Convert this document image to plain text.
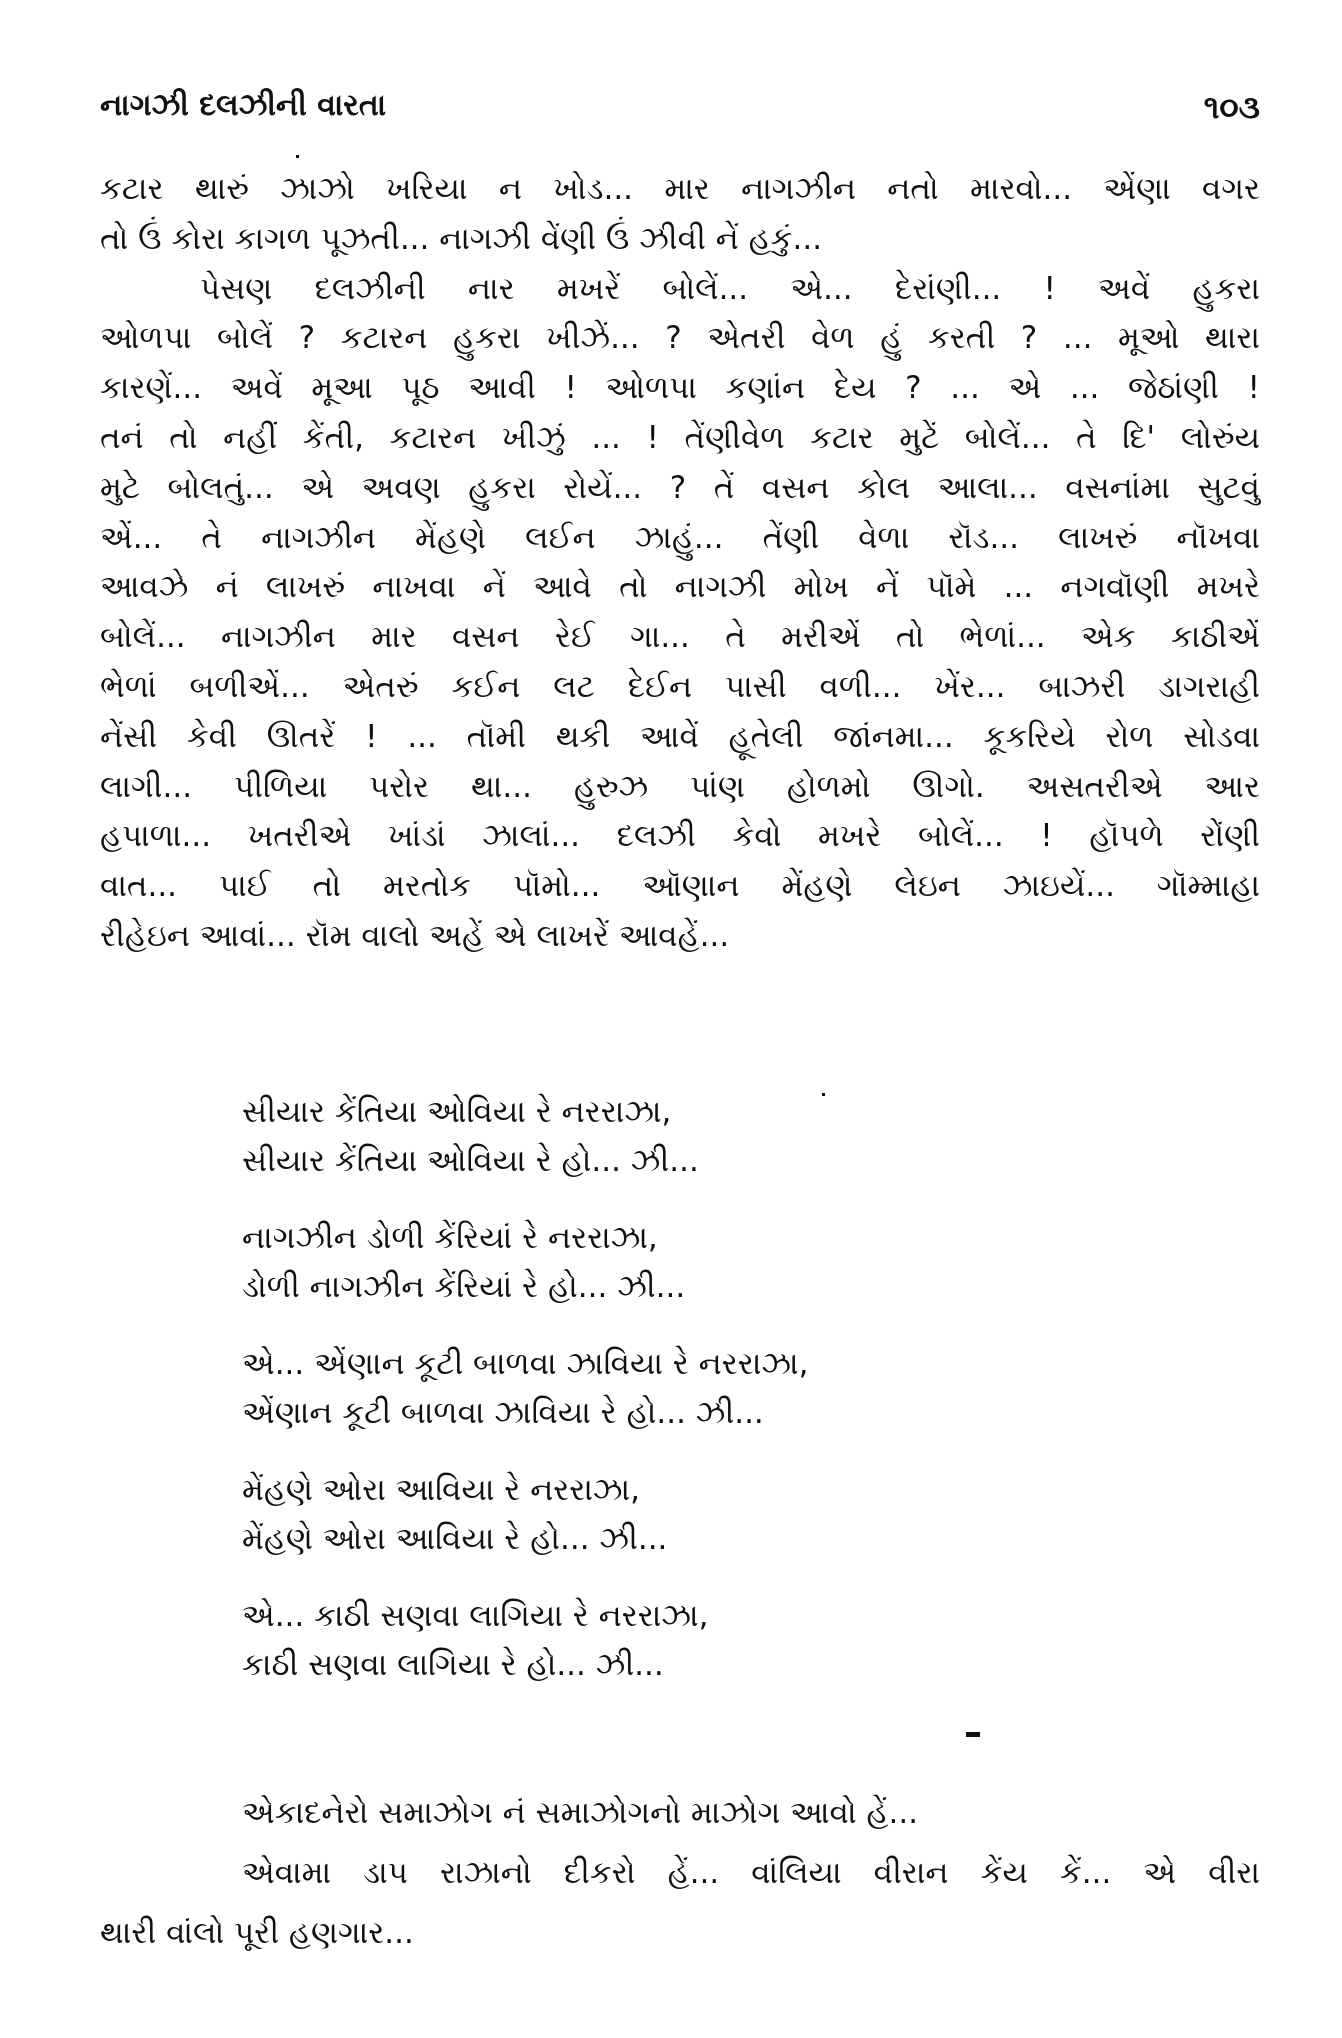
નાગઝી દલઝીની વારતા	૧૦૩
કટાર થારું ઝાઝો ખરિયા ન ખોડ... માર નાગઝીન નતો મારવો... એંણા વગર
તો ઉં કોરા કાગળ પૂઝતી... નાગઝી વેંણી ઉં ઝીવી નેં હકું...
પેસણ દલઝીની નાર મખરેં બોલેં... એ... દેરાંણી... ! અવેં હુકરા
ઓળપા બોલેં ? કટારન હુકરા ખીઝેં... ? એતરી વેળ હું કરતી ? ... મૂઓ થારા
કારણેં... અવેં મૂઆ પૂઠ આવી ! ઓળપા કણાંન દેય ? ... એ ... જેઠાંણી !
તનં તો નહીં કેંતી, કટારન ખીઝું ... ! તેંણીવેળ કટાર મુટેં બોલેં... તે દિ' લોરુંય
મુટે બોલતું... એ અવણ હુકરા રોયેં... ? તેં વસન કોલ આલા... વસનાંમા સુટવું
એં... તે નાગઝીન મેંહણે લઈન ઝાહું... તેંણી વેળા રૉડ... લાખરું નૉખવા
આવઝે નં લાખરું નાખવા નેં આવે તો નાગઝી મોખ નેં પૉમે ... નગવૉણી મખરે
બોલેં... નાગઝીન માર વસન રેઈ ગા... તે મરીએં તો ભેળાં... એક કાઠીએં
ભેળાં બળીએં... એતરું કઈન લટ દેઈન પાસી વળી... ખેંર... બાઝરી ડાગરાહી
નેંસી કેવી ઊતરેં ! ... તૉમી થકી આવેં હૂતેલી જાંનમા... કૂકરિયે રોળ સોડવા
લાગી... પીળિયા પરોર થા... હુરુઝ પાંણ હોળમો ઊગો. અસતરીએ આર
હપાળા... ખતરીએ ખાંડાં ઝાલાં... દલઝી કેવો મખરે બોલેં... ! હૉપળે રોંણી
વાત... પાઈ તો મરતોક પૉમો... ઑણાન મેંહણે લેઇન ઝાઇયેં... ગૉમ્માહા
રીહેઇન આવાં... રૉમ વાલો અહેં એ લાખરેં આવહેં...
સીયાર કેંતિયા ઓવિયા રે નરરાઝા,
સીયાર કેંતિયા ઓવિયા રે હો... ઝી...
નાગઝીન ડોળી કેંરિયાં રે નરરાઝા,
ડોળી નાગઝીન કેંરિયાં રે હો... ઝી...
એ... એંણાન કૂટી બાળવા ઝાવિયા રે નરરાઝા,
એંણાન કૂટી બાળવા ઝાવિયા રે હો... ઝી...
મેંહણે ઓરા આવિયા રે નરરાઝા,
મેંહણે ઓરા આવિયા રે હો... ઝી...
એ... કાઠી સણવા લાગિયા રે નરરાઝા,
કાઠી સણવા લાગિયા રે હો... ઝી...
એકાદનેરો સમાઝોગ નં સમાઝોગનો માઝોગ આવો હેં...
એવામા ડાપ રાઝાનો દીકરો હેં... વાંલિયા વીરાન કેંય કેં... એ વીરા
થારી વાંલો પૂરી હણગાર...
